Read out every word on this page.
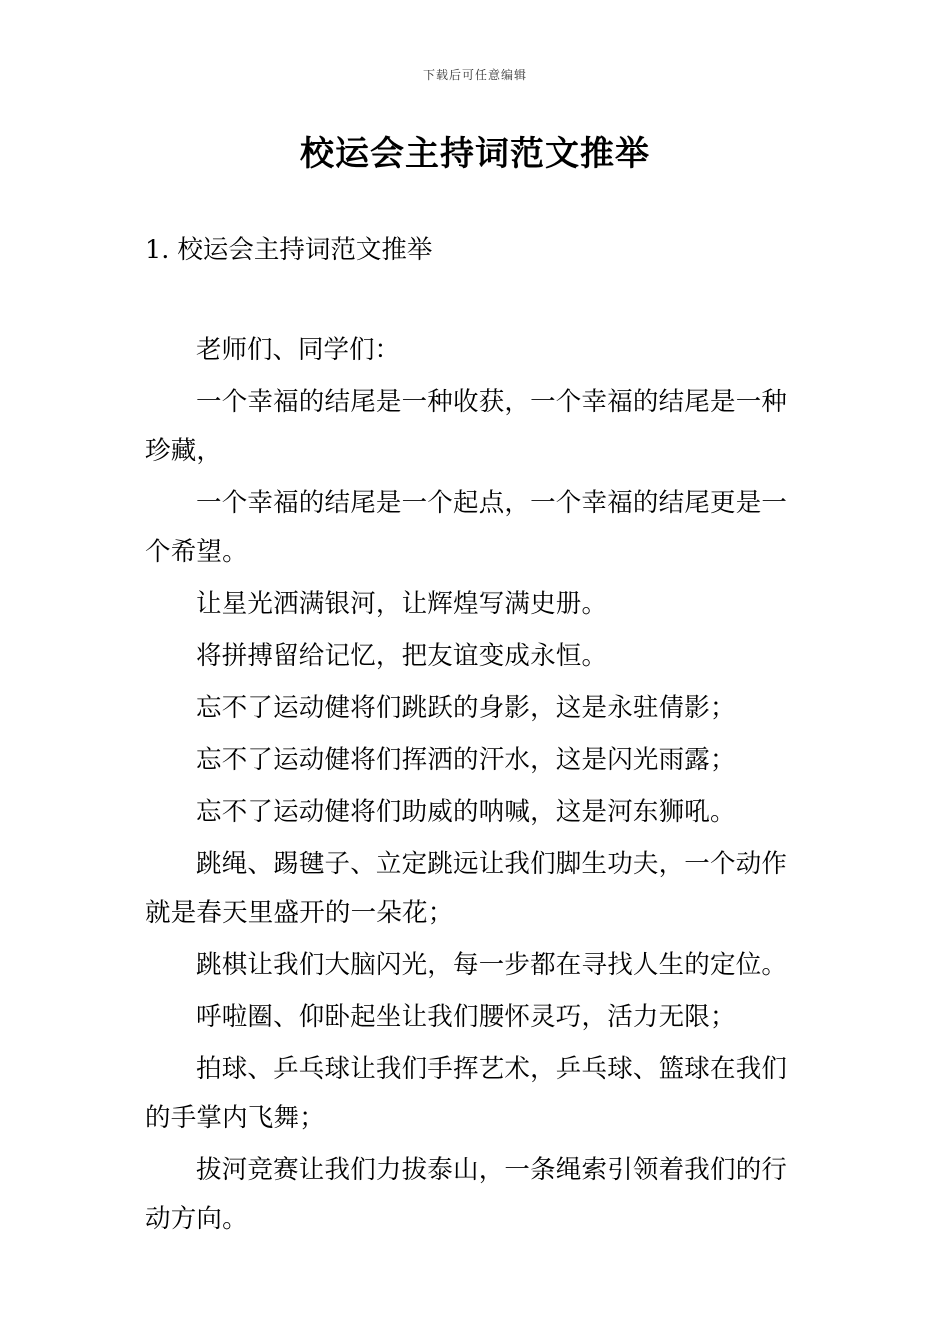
下载后可任意编辑
校运会主持词范文推举

1. 校运会主持词范文推举

老师们、同学们：

一个幸福的结尾是一种收获，一个幸福的结尾是一种珍藏，

一个幸福的结尾是一个起点，一个幸福的结尾更是一个希望。

让星光洒满银河，让辉煌写满史册。

将拼搏留给记忆，把友谊变成永恒。

忘不了运动健将们跳跃的身影，这是永驻倩影；

忘不了运动健将们挥洒的汗水，这是闪光雨露；

忘不了运动健将们助威的呐喊，这是河东狮吼。

跳绳、踢毽子、立定跳远让我们脚生功夫，一个动作就是春天里盛开的一朵花；

跳棋让我们大脑闪光，每一步都在寻找人生的定位。

呼啦圈、仰卧起坐让我们腰怀灵巧，活力无限；

拍球、乒乓球让我们手挥艺术，乒乓球、篮球在我们的手掌内飞舞；

拔河竞赛让我们力拔泰山，一条绳索引领着我们的行动方向。
